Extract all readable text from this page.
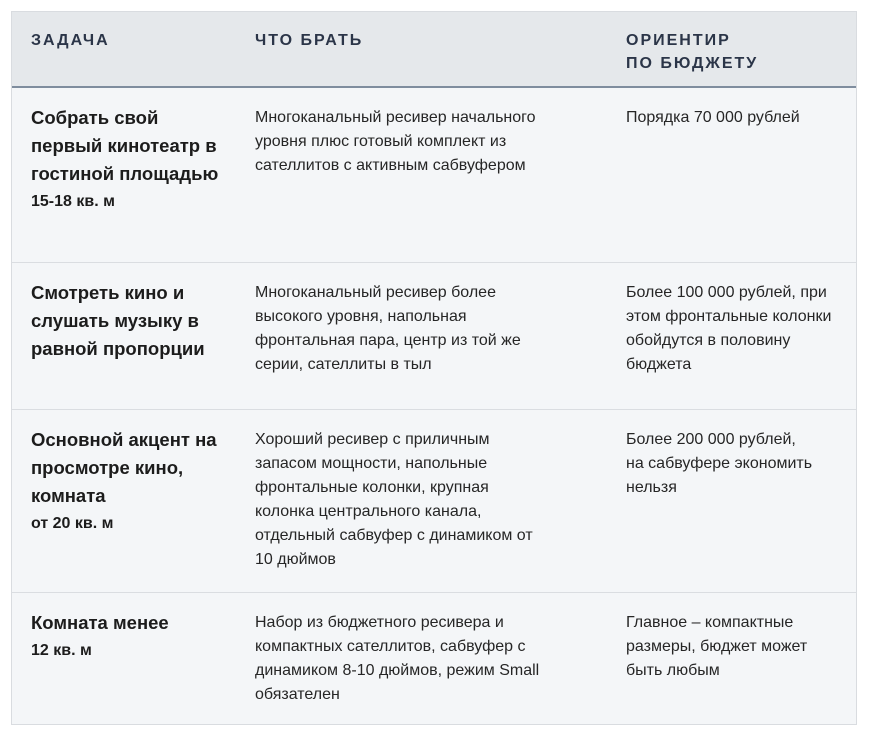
ЗАДАЧА	ЧТО БРАТЬ	ОРИЕНТИР
ПО БЮДЖЕТУ
Собрать свой первый кинотеатр в гостиной площадью
15-18 кв. м
Многоканальный ресивер начального уровня плюс готовый комплект из сателлитов с активным сабвуфером
Порядка 70 000 рублей
Смотреть кино и слушать музыку в равной пропорции
Многоканальный ресивер более высокого уровня, напольная фронтальная пара, центр из той же серии, сателлиты в тыл
Более 100 000 рублей, при этом фронтальные колонки обойдутся в половину бюджета
Основной акцент на просмотре кино, комната
от 20 кв. м
Хороший ресивер с приличным запасом мощности, напольные фронтальные колонки, крупная колонка центрального канала, отдельный сабвуфер с динамиком от 10 дюймов
Более 200 000 рублей, на сабвуфере экономить нельзя
Комната менее
12 кв. м
Набор из бюджетного ресивера и компактных сателлитов, сабвуфер с динамиком 8-10 дюймов, режим Small обязателен
Главное – компактные размеры, бюджет может быть любым
